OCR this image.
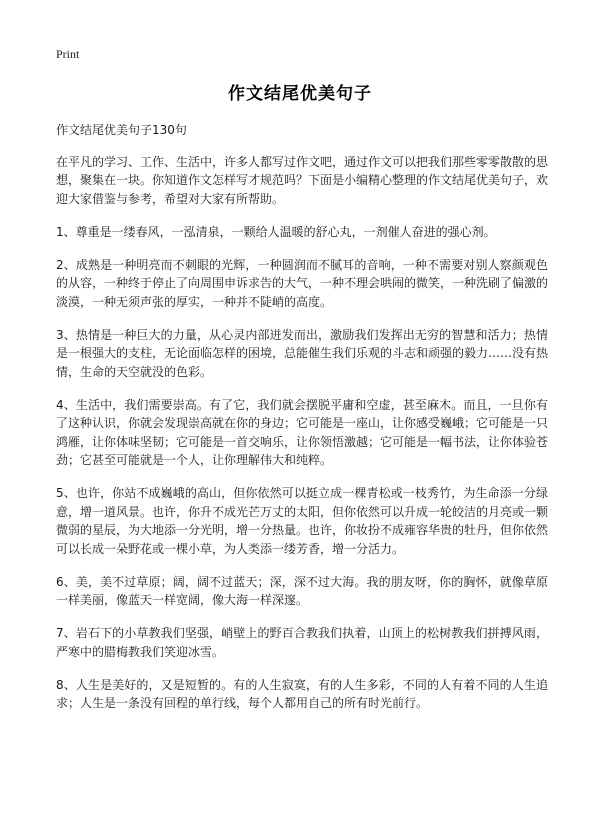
Print
作文结尾优美句子

作文结尾优美句子130句

在平凡的学习、工作、生活中，许多人都写过作文吧，通过作文可以把我们那些零零散散的思想，聚集在一块。你知道作文怎样写才规范吗？下面是小编精心整理的作文结尾优美句子，欢迎大家借鉴与参考，希望对大家有所帮助。

1、尊重是一缕春风，一泓清泉，一颗给人温暖的舒心丸，一剂催人奋进的强心剂。

2、成熟是一种明亮而不刺眼的光辉，一种圆润而不腻耳的音响，一种不需要对别人察颜观色的从容，一种终于停止了向周围申诉求告的大气，一种不理会哄闹的微笑，一种洗刷了偏激的淡漠，一种无须声张的厚实，一种并不陡峭的高度。

3、热情是一种巨大的力量，从心灵内部迸发而出，激励我们发挥出无穷的智慧和活力；热情是一根强大的支柱，无论面临怎样的困境，总能催生我们乐观的斗志和顽强的毅力……没有热情，生命的天空就没的色彩。

4、生活中，我们需要崇高。有了它，我们就会摆脱平庸和空虚，甚至麻木。而且，一旦你有了这种认识，你就会发现崇高就在你的身边；它可能是一座山，让你感受巍峨；它可能是一只鸿雁，让你体味坚韧；它可能是一首交响乐，让你领悟激越；它可能是一幅书法，让你体验苍劲；它甚至可能就是一个人，让你理解伟大和纯粹。

5、也许，你站不成巍峨的高山，但你依然可以挺立成一棵青松或一枝秀竹，为生命添一分绿意，增一道风景。也许，你升不成光芒万丈的太阳，但你依然可以升成一轮皎洁的月亮或一颗微弱的星辰，为大地添一分光明，增一分热量。也许，你妆扮不成雍容华贵的牡丹，但你依然可以长成一朵野花或一棵小草，为人类添一缕芳香，增一分活力。

6、美，美不过草原；阔，阔不过蓝天；深，深不过大海。我的朋友呀，你的胸怀，就像草原一样美丽，像蓝天一样宽阔，像大海一样深邃。

7、岩石下的小草教我们坚强，峭壁上的野百合教我们执着，山顶上的松树教我们拼搏风雨，严寒中的腊梅教我们笑迎冰雪。

8、人生是美好的，又是短暂的。有的人生寂寞，有的人生多彩，不同的人有着不同的人生追求；人生是一条没有回程的单行线，每个人都用自己的所有时光前行。
